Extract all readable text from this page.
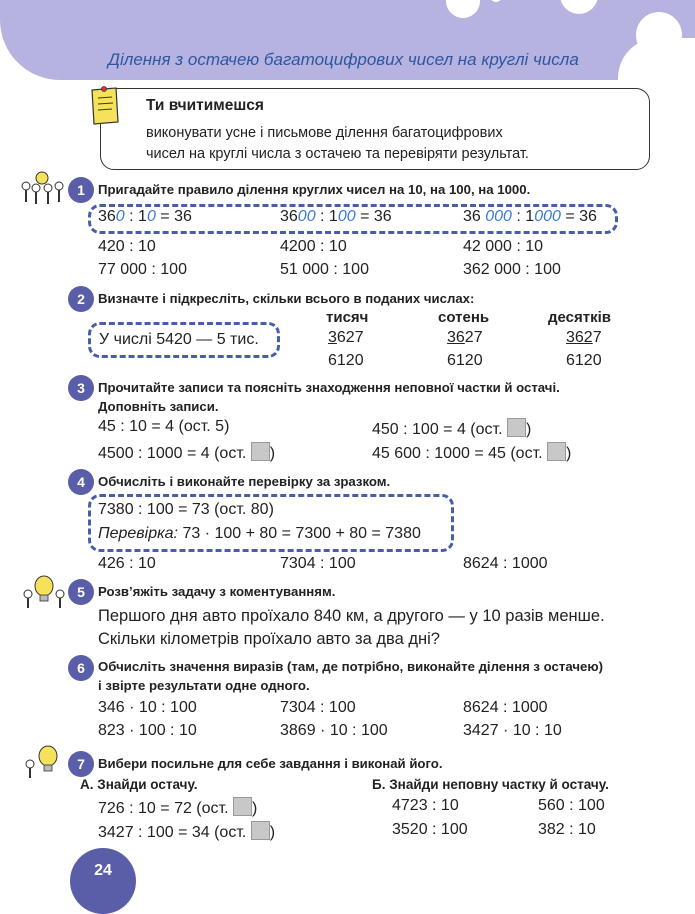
Ділення з остачею багатоцифрових чисел на круглі числа
Ти вчитимешся
виконувати усне і письмове ділення багатоцифрових
чисел на круглі числа з остачею та перевіряти результат.
1 Пригадайте правило ділення круглих чисел на 10, на 100, на 1000.
360 : 10 = 36	3600 : 100 = 36	36 000 : 1000 = 36
420 : 10	4200 : 10	42 000 : 10
77 000 : 100	51 000 : 100	362 000 : 100
2 Визначте і підкресліть, скільки всього в поданих числах:
У числі 5420 — 5 тис.
тисяч	сотень	десятків
3627	3627	3627
6120	6120	6120
3 Прочитайте записи та поясніть знаходження неповної частки й остачі.
Доповніть записи.
45 : 10 = 4 (ост. 5)	450 : 100 = 4 (ост. )
4500 : 1000 = 4 (ост. )	45 600 : 1000 = 45 (ост. )
4 Обчисліть і виконайте перевірку за зразком.
7380 : 100 = 73 (ост. 80)
Перевірка: 73 · 100 + 80 = 7300 + 80 = 7380
426 : 10	7304 : 100	8624 : 1000
5 Розв’яжіть задачу з коментуванням.
Першого дня авто проїхало 840 км, а другого — у 10 разів менше.
Скільки кілометрів проїхало авто за два дні?
6 Обчисліть значення виразів (там, де потрібно, виконайте ділення з остачею)
і звірте результати одне одного.
346 · 10 : 100	7304 : 100	8624 : 1000
823 · 100 : 10	3869 · 10 : 100	3427 · 10 : 10
7 Вибери посильне для себе завдання і виконай його.
А. Знайди остачу.	Б. Знайди неповну частку й остачу.
726 : 10 = 72 (ост. )
3427 : 100 = 34 (ост. )
4723 : 10	560 : 100
3520 : 100	382 : 10
24
